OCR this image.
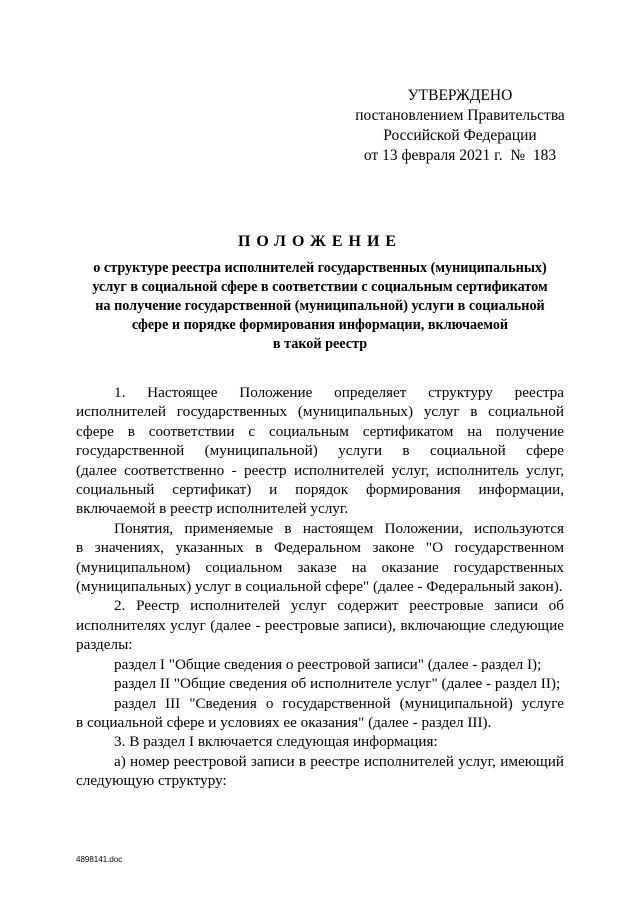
УТВЕРЖДЕНО
постановлением Правительства
Российской Федерации
от 13 февраля 2021 г.  №  183
ПОЛОЖЕНИЕ
о структуре реестра исполнителей государственных (муниципальных)
услуг в социальной сфере в соответствии с социальным сертификатом
на получение государственной (муниципальной) услуги в социальной
сфере и порядке формирования информации, включаемой
в такой реестр
1. Настоящее Положение определяет структуру реестра
исполнителей государственных (муниципальных) услуг в социальной
сфере в соответствии с социальным сертификатом на получение
государственной (муниципальной) услуги в социальной сфере
(далее соответственно - реестр исполнителей услуг, исполнитель услуг,
социальный сертификат) и порядок формирования информации,
включаемой в реестр исполнителей услуг.
Понятия, применяемые в настоящем Положении, используются
в значениях, указанных в Федеральном законе "О государственном
(муниципальном) социальном заказе на оказание государственных
(муниципальных) услуг в социальной сфере" (далее - Федеральный закон).
2. Реестр исполнителей услуг содержит реестровые записи об
исполнителях услуг (далее - реестровые записи), включающие следующие
разделы:
раздел I "Общие сведения о реестровой записи" (далее - раздел I);
раздел II "Общие сведения об исполнителе услуг" (далее - раздел II);
раздел III "Сведения о государственной (муниципальной) услуге
в социальной сфере и условиях ее оказания" (далее - раздел III).
3. В раздел I включается следующая информация:
а) номер реестровой записи в реестре исполнителей услуг, имеющий
следующую структуру:
4898141.doc
